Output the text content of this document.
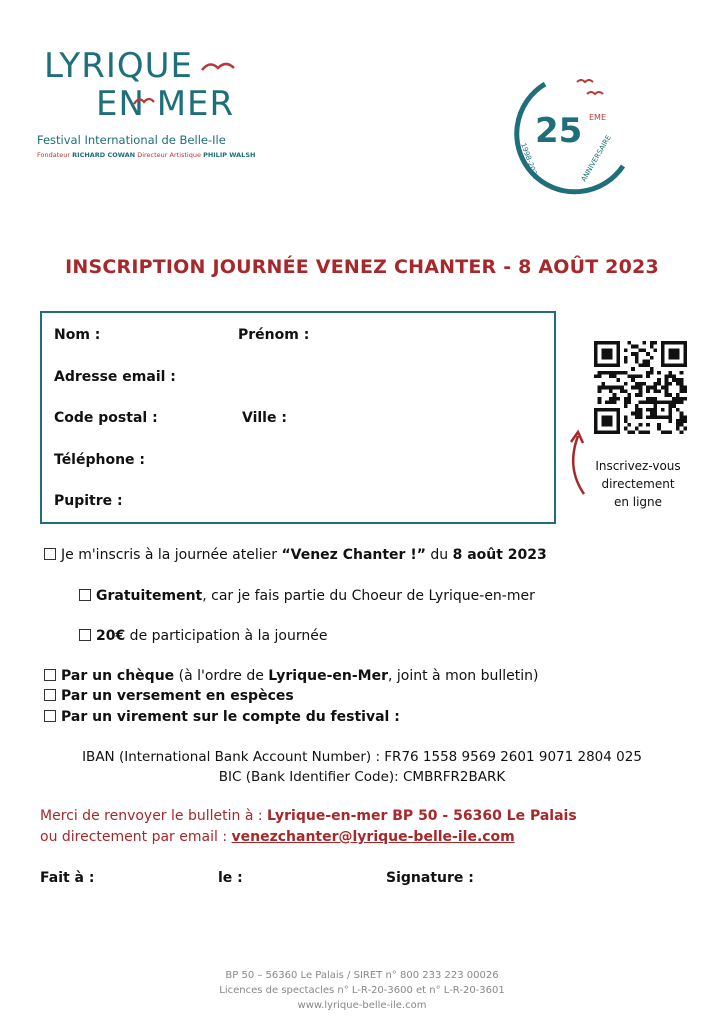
LYRIQUE
EN MER
Festival International de Belle-Ile
Fondateur RICHARD COWAN Directeur Artistique PHILIP WALSH
25 EME
1998-2023	ANNIVERSAIRE
INSCRIPTION JOURNÉE VENEZ CHANTER - 8 AOÛT 2023
Nom :	Prénom :
Adresse email :
Code postal :	Ville :
Téléphone :
Pupitre :
Inscrivez-vous
directement
en ligne
Je m'inscris à la journée atelier “Venez Chanter !” du 8 août 2023
Gratuitement, car je fais partie du Choeur de Lyrique-en-mer
20€ de participation à la journée
Par un chèque (à l'ordre de Lyrique-en-Mer, joint à mon bulletin)
Par un versement en espèces
Par un virement sur le compte du festival :
IBAN (International Bank Account Number) : FR76 1558 9569 2601 9071 2804 025
BIC (Bank Identifier Code): CMBRFR2BARK
Merci de renvoyer le bulletin à : Lyrique-en-mer BP 50 - 56360 Le Palais
ou directement par email : venezchanter@lyrique-belle-ile.com
Fait à :	le :	Signature :
BP 50 – 56360 Le Palais / SIRET n° 800 233 223 00026
Licences de spectacles n° L-R-20-3600 et n° L-R-20-3601
www.lyrique-belle-ile.com
